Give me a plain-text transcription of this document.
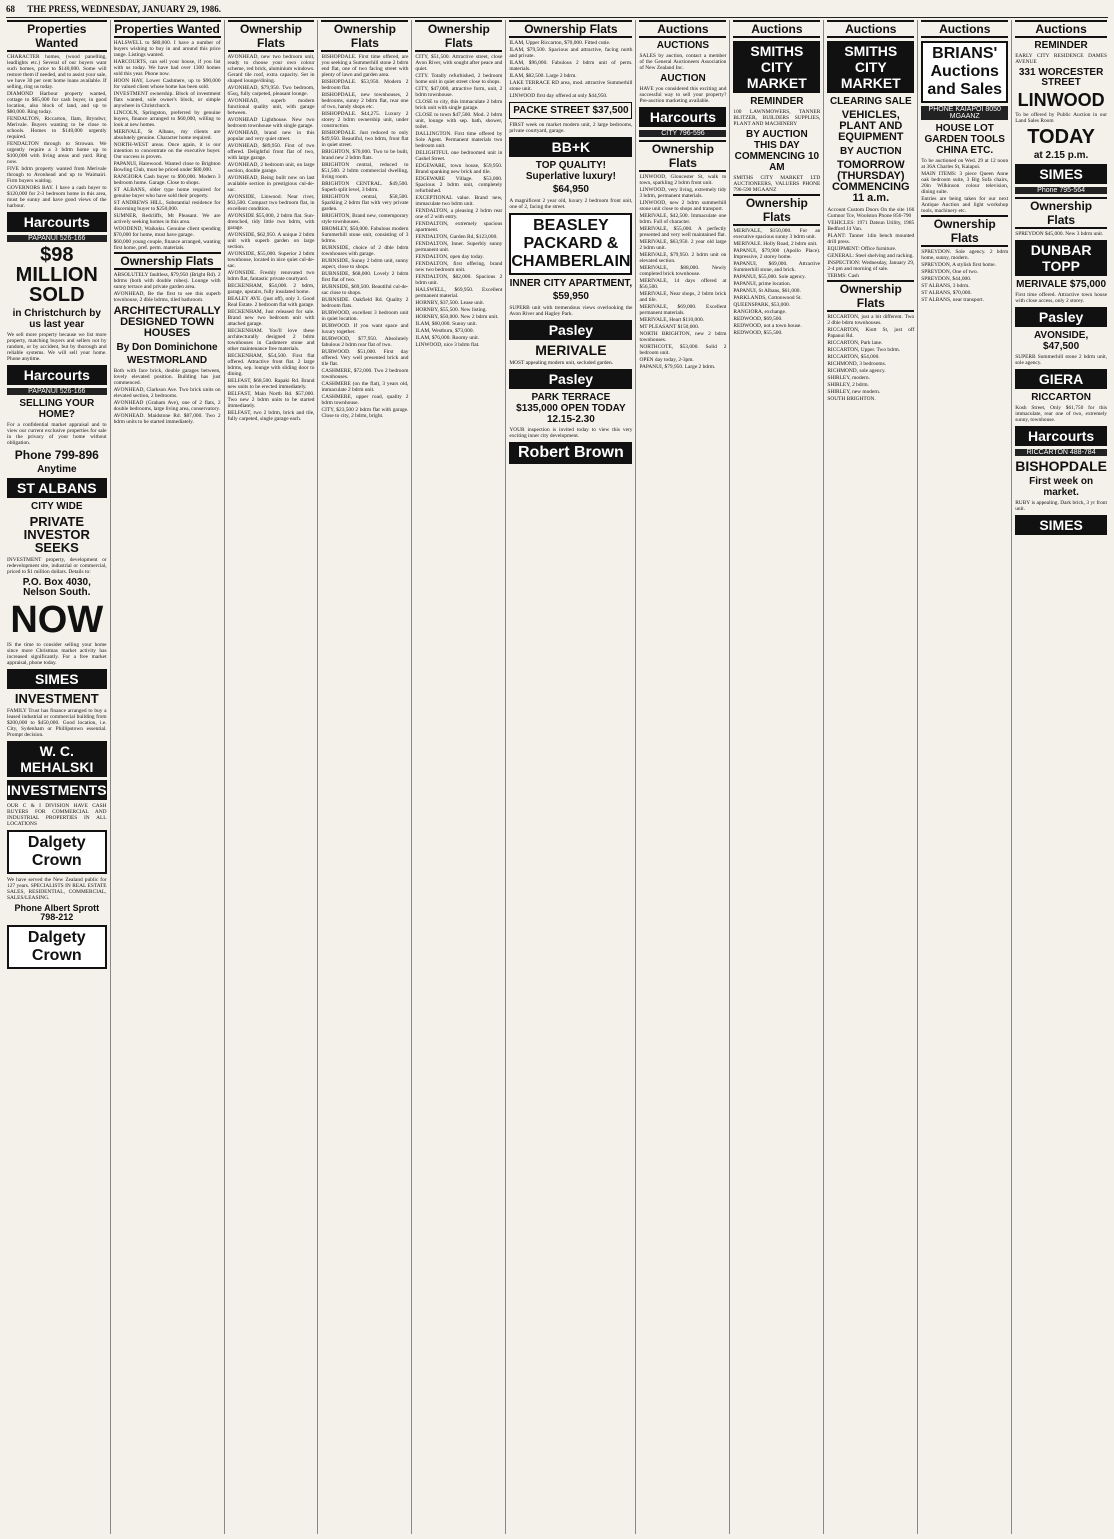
68 THE PRESS, WEDNESDAY, JANUARY 29, 1986.
Properties Wanted

CHARACTER homes, (wood panelling, leadlights etc.) Several of our buyers want such homes, price to $140,000. Some will restore them if needed, and to assist your sale, we have 30 per cent home loans available. If selling, ring us today.

DIAMOND Harbour property wanted, cottage to $65,000 for cash buyer, in good location, also block of land, and up to $80,000. Ring today.

FENDALTON, Riccarton, Ilam, Bryndwr, Merivale. Buyers wanting to be close to schools. Homes to $140,000 urgently required.

FENDALTON through to Strowan. We urgently require a 3 bdrm home up to $100,000 with living areas and yard. Ring now.

FIVE bdrm property wanted from Merivale through to Avonhead and up to Waimairi. Firm buyers waiting.

GOVERNORS BAY. I have a cash buyer to $120,000 for 2-3 bedroom home in this area, must be sunny and have good views of the harbour.

Harcourts
PAPANUI 526-166
$98 MILLION SOLD
in Christchurch by us last year

We sell more property because we list more property, matching buyers and sellers not by random, or by accident, but by thorough and reliable systems. We will sell your home. Phone anytime.

Harcourts
PAPANUI 526-166
SELLING YOUR HOME?

For a confidential market appraisal and to view our current exclusive properties for sale in the privacy of your home without obligation.

Phone 799-896
Anytime
ST ALBANS
CITY WIDE
PRIVATE INVESTOR SEEKS

INVESTMENT property, development or redevelopment site, industrial or commercial, priced to $1 million dollars. Details to:

P.O. Box 4030, Nelson South.
NOW

IS the time to consider selling your home since more Christmas market activity has increased significantly. For a free market appraisal, phone today.

SIMES
INVESTMENT

FAMILY Trust has finance arranged to buy a leased industrial or commercial building from $200,000 to $450,000. Good location, i.e. City, Sydenham or Phillipstown essential. Prompt decision.

W. C. MEHALSKI
INVESTMENTS

OUR C & I DIVISION HAVE CASH BUYERS FOR COMMERCIAL AND INDUSTRIAL PROPERTIES IN ALL LOCATIONS

Dalgety Crown

We have served the New Zealand public for 127 years. SPECIALISTS IN REAL ESTATE SALES, RESIDENTIAL, COMMERCIAL, SALES/LEASING.

Phone Albert Sprott 798-212
Dalgety Crown
Properties Wanted

HALSWELL to $80,000. I have a number of buyers wishing to buy in and around this price range. Listings wanted.

HARCOURTS, can sell your house, if you list with us today. We have had over 1300 homes sold this year. Phone now.

HOON HAY, Lower Cashmere, up to $90,000 for valued client whose home has been sold.

INVESTMENT ownership. Block of investment flats wanted, sole owner's block, or simple anywhere in Christchurch.

LINCOLN, Springston, preferred by genuine buyers, finance arranged to $60,000, willing to look at new homes.

MERIVALE, St Albans, my clients are absolutely genuine. Character home required.

NORTH-WEST areas. Once again, it is our intention to concentrate on the executive buyer. Our success is proven.

PAPANUI, Harewood. Wanted close to Brighton Bowling Club, must be priced under $80,000.

RANGIORA Cash buyer to $90,000. Modern 3 bedroom home. Garage. Close to shops.

ST ALBANS, older type home required for genuine buyer who have sold their property.

ST ANDREWS HILL, Substantial residence for discerning buyer to $250,000.

SUMNER, Redcliffs, Mt Pleasant. We are actively seeking homes in this area.

WOODEND, Waikuku. Genuine client spending $70,000 for home, must have garage.

$60,000 young couple, finance arranged, wanting first home, pref. perm. materials.

Ownership Flats

ABSOLUTELY faultless, $79,950 (Bright Rd). 2 bdrms (both with double robes). Lounge with sunny terrace and private garden area.

AVONHEAD, Be the first to see this superb townhouse, 2 dble bdrms, tiled bathroom.

ARCHITECTURALLY DESIGNED TOWN HOUSES
By Don Dominichone
WESTMORLAND

Both with face brick, double garages between, lovely elevated position. Building has just commenced.

AVONHEAD, Clarkson Ave. Two brick units on elevated section, 2 bedrooms.

AVONHEAD (Graham Ave), one of 2 flats, 2 double bedrooms, large living area, conservatory.

AVONHEAD. Maidstone Rd. $87,000. Two 2 bdrm units to be started immediately.

Ownership Flats

AVONHEAD, new two bedroom unit, ready to choose your own colour scheme, red brick, aluminium windows. Gerard tile roof, extra capacity. Set in shaped lounge/dining.

AVONHEAD, $79,950. Two bedroom, 65sq, fully carpeted, pleasant lounge.

AVONHEAD, superb modern functional quality unit, with garage between.

AVONHEAD Lighthouse. New two bedroom townhouse with single garage.

AVONHEAD, brand new in this popular and very quiet street.

AVONHEAD, $89,950. First of two offered. Delightful front flat of two, with large garage.

AVONHEAD, 2 bedroom unit, on large section, double garage.

AVONHEAD, Being built now on last available section in prestigious cul-de-sac.

AVONSIDE, Linwood. Near river, $63,500. Compact two bedroom flat, in excellent condition.

AVONSIDE $55,000, 2 bdrm flat. Sun-drenched, tidy little two bdrm, with garage.

AVONSIDE, $62,950. A unique 2 bdrm unit with superb garden on large section.

AVONSIDE, $55,000. Superior 2 bdrm townhouse, located in nice quiet cul-de-sac.

AVONSIDE. Freshly renovated two bdrm flat, fantastic private courtyard.

BECKENHAM, $54,000. 2 bdrm, garage, upstairs, fully insulated home.

BEALEY AVE. (just off), only 3. Good Real Estate. 2 bedroom flat with garage.

BECKENHAM, Just released for sale. Brand new two bedroom unit with attached garage.

BECKENHAM. You'll love these architecturally designed 2 bdrm townhouses in Cashmere stone and other maintenance free materials.

BECKENHAM, $54,500. First flat offered. Attractive front flat. 2 large bdrms, sep. lounge with sliding door to dining.

BELFAST, $68,500. Rapaki Rd. Brand new units to be erected immediately.

BELFAST, Main North Rd. $57,000. Two new 2 bdrm units to be started immediately.

BELFAST, two 2 bdrm, brick and tile, fully carpeted, single garage each.

Ownership Flats

BISHOPDALE. First time offered, are you seeking a Summerhill stone 2 bdrm end flat, one of two facing street with plenty of lawn and garden area.

BISHOPDALE. $53,950. Modern 2 bedroom flat.

BISHOPDALE, new townhouses, 2 bedrooms, sunny 2 bdrm flat, rear one of two, handy shops etc.

BISHOPDALE. $44,275. Luxury 2 storey 2 bdrm ownership unit, under construction.

BISHOPDALE. Just reduced to only $49,950. Beautiful, two bdrm, front flat in quiet street.

BRIGHTON, $70,000. Two to be built, brand new 2 bdrm flats.

BRIGHTON central, reduced to $51,500. 2 bdrm commercial dwelling, living room.

BRIGHTON CENTRAL. $49,500. Superb split level, 3 bdrm.

BRIGHTON central, $58,500. Sparkling 2 bdrm flat with very private garden.

BRIGHTON, Brand new, contemporary style townhouses.

BROMLEY, $50,000. Fabulous modern Summerhill stone unit, consisting of 3 bdrms.

BURNSIDE, choice of 2 dble bdrm townhouses with garage.

BURNSIDE, Sunny 2 bdrm unit, sunny aspect, close to shops.

BURNSIDE, $68,000. Lovely 2 bdrm first flat of two.

BURNSIDE, $69,500. Beautiful cul-de-sac close to shops.

BURNSIDE. Oakfield Rd. Quality 2 bedroom flats.

BURWOOD, excellent 3 bedroom unit in quiet location.

BURWOOD. If you want space and luxury together.

BURWOOD, $77,950. Absolutely fabulous 2 bdrm rear flat of two.

BURWOOD. $51,000. First day offered. Very well presented brick and tile flat.

CASHMERE, $72,000. Two 2 bedroom townhouses.

CASHMERE (on the flat), 3 years old, immaculate 2 bdrm unit.

CASHMERE, upper road, quality 2 bdrm townhouse.

CITY, $23,500 2 bdrm flat with garage. Close to city, 2 bdrm, bright.

Ownership Flats

CITY, $51,500. Attractive street, close Avon River, with sought after peace and quiet.

CITY. Totally refurbished, 2 bedroom home unit in quiet street close to shops.

CITY, $47,000, attractive form, unit, 2 bdrm townhouse.

CLOSE to city, this immaculate 2 bdrm brick unit with single garage.

CLOSE to town $47,500. Mod. 2 bdrm unit, lounge with sep. bath, shower, toilet.

DALLINGTON. First time offered by Sole Agent. Permanent materials two bedroom unit.

DELIGHTFUL one bedroomed unit in Cashel Street.

EDGEWARE, town house, $59,950. Brand spanking new brick and tile.

EDGEWARE Village. $53,000. Spacious 2 bdrm unit, completely refurbished.

EXCEPTIONAL value. Brand new, immaculate two bdrm unit.

FENDALTON, a pleasing 2 bdrm rear one of 2 with entry.

FENDALTON, extremely spacious apartment.

FENDALTON, Garden Rd, $123,000.

FENDALTON, Inner. Superbly sunny permanent unit.

FENDALTON, open day today.

FENDALTON, first offering, brand new two bedroom unit.

FENDALTON, $82,000. Spacious 2 bdrm unit.

HALSWELL, $69,950. Excellent permanent material.

HORNBY, $37,500. Lease unit.

HORNBY, $55,500. New listing.

HORNBY, $50,000. New 2 bdrm unit.

ILAM, $60,000. Sunny unit.

ILAM, Westburn, $73,000.

ILAM, $76,000. Roomy unit.

LINWOOD, nice 3 bdrm flat.

Ownership Flats

ILAM, Upper Riccarton, $70,000. Fitted cutie.

ILAM, $79,500. Spacious and attractive, facing north and private.

ILAM, $96,000. Fabulous 2 bdrm unit of perm. materials.

ILAM, $82,500. Large 2 bdrm.

LAKE TERRACE RD area, mod. attractive Summerhill stone unit.

LINWOOD first day offered at only $44,950.

PACKE STREET $37,500

FIRST week on market modern unit, 2 large bedrooms, private courtyard, garage.

BB+K
TOP QUALITY! Superlative luxury!
$64,950

A magnificent 2 year old, luxury 2 bedroom front unit, one of 2, facing the street.

BEASLEY PACKARD & CHAMBERLAIN
INNER CITY APARTMENT,
$59,950

SUPERB unit with tremendous views overlooking the Avon River and Hagley Park.

Pasley
MERIVALE

MOST appealing modern unit, secluded garden.

Pasley
PARK TERRACE $135,000 OPEN TODAY 12.15-2.30

YOUR inspection is invited today to view this very exciting inner city development.

Robert Brown
Auctions
AUCTIONS

SALES by auction, contact a member of the General Auctioneers Association of New Zealand Inc.

AUCTION

HAVE you considered this exciting and successful way to sell your property? Pre-auction marketing available.

Harcourts
CITY 796-596
Ownership Flats

LINWOOD, Gloucester St, walk to town, sparkling 2 bdrm front unit.

LINWOOD, very living, extremely tidy 3 bdrm, permanent materials.

LINWOOD, new 2 bdrm summerhill stone unit close to shops and transport.

MERIVALE, $42,500. Immaculate one bdrm. Full of character.

MERIVALE, $55,000. A perfectly presented and very well maintained flat.

MERIVALE, $63,950. 2 year old large 2 bdrm unit.

MERIVALE, $79,950. 2 bdrm unit on elevated section.

MERIVALE, $88,000. Newly completed brick townhouse.

MERIVALE, 14 days offered at $56,500.

MERIVALE, Near shops, 2 bdrm brick and tile.

MERIVALE, $69,000. Excellent permanent materials.

MERIVALE, Heart $110,000.

MT PLEASANT $150,000.

NORTH BRIGHTON, new 2 bdrm townhouses.

NORTHCOTE, $53,000. Solid 2 bedroom unit.

OPEN day today, 2-3pm.

PAPANUI, $79,950. Large 2 bdrm.

Auctions
SMITHS CITY MARKET
REMINDER

100 LAWNMOWERS, TANNER BLITZER, BUILDERS SUPPLIES, PLANT AND MACHINERY

BY AUCTION THIS DAY COMMENCING 10 AM

SMITHS CITY MARKET LTD AUCTIONEERS, VALUERS PHONE 796-590 MGAANZ

Ownership Flats

MERIVALE, $150,000. For an executive spacious sunny 3 bdrm unit.

MERIVALE. Holly Road, 2 bdrm unit.

PAPANUI, $79,900 (Apollo Place). Impressive, 2 storey home.

PAPANUI, $69,000. Attractive Summerhill stone, and brick.

PAPANUI, $55,000. Sole agency.

PAPANUI, prime location.

PAPANUI, St Albans, $61,000.

PARKLANDS, Cottonwood St.

QUEENSPARK, $53,000.

RANGIORA, exchange.

REDWOOD, $69,500.

REDWOOD, not a town house.

REDWOOD, $55,500.

Auctions
SMITHS CITY MARKET
CLEARING SALE
VEHICLES, PLANT AND EQUIPMENT
BY AUCTION
TOMORROW (THURSDAY) COMMENCING 11 a.m.

Account Custom Doors On the site 166 Cumnor Tce, Woolston Phone 856-790

VEHICLES: 1971 Datsun Utility, 1985 Bedford J4 Van.

PLANT: Tanner 14in bench mounted drill press.

EQUIPMENT: Office furniture.

GENERAL: Steel shelving and racking.

INSPECTION: Wednesday, January 29, 2-4 pm and morning of sale.

TERMS: Cash

Ownership Flats

RICCARTON, just a bit different. Two 2 dble bdrm townhouses.

RICCARTON, Kiott St, just off Papanui Rd.

RICCARTON, Park lane.

RICCARTON, Upper. Two bdrm.

RICCARTON, $54,000.

RICHMOND, 3 bedrooms.

RICHMOND, sole agency.

SHIRLEY, modern.

SHIRLEY, 2 bdrm.

SHIRLEY, new modern.

SOUTH BRIGHTON.

Auctions
BRIANS' Auctions and Sales
PHONE KAIAPOI 8050 MGAANZ
HOUSE LOT GARDEN TOOLS CHINA ETC.

To be auctioned on Wed. 29 at 12 noon at 36A Charles St, Kaiapoi.

MAIN ITEMS: 3 piece Queen Anne oak bedroom suite, 3 Big Sofa chairs, 20in Wilkinson colour television, dining suite.

Entries are being taken for our next Antique Auction and light workshop tools, machinery etc.

Ownership Flats

SPREYDON. Sole agency. 2 bdrm home, sunny, modern.

SPREYDON, A stylish first home.

SPREYDON, One of two.

SPREYDON, $44,000.

ST ALBANS, 3 bdrm.

ST ALBANS, $70,000.

ST ALBANS, near transport.

Auctions
REMINDER

EARLY CITY RESIDENCE DAMES AVENUE

331 WORCESTER STREET
LINWOOD

To be offered by Public Auction in our Land Sales Room

TODAY
at 2.15 p.m.
SIMES
Phone 795-564
Ownership Flats

SPREYDON $45,000. New 3 bdrm unit.

DUNBAR TOPP
MERIVALE $75,000

First time offered. Attractive town house with close access, only 2 storey.

Pasley
AVONSIDE, $47,500

SUPERB Summerhill stone 2 bdrm unit, sole agency.

GIERA
RICCARTON

Kosh Street, Only $61,750 for this immaculate, rear one of two, extremely sunny, townhouse.

Harcourts
RICCARTON 488-784
BISHOPDALE
First week on market.

RUBY is appealing. Dark brick, 3 yr front unit.

SIMES
